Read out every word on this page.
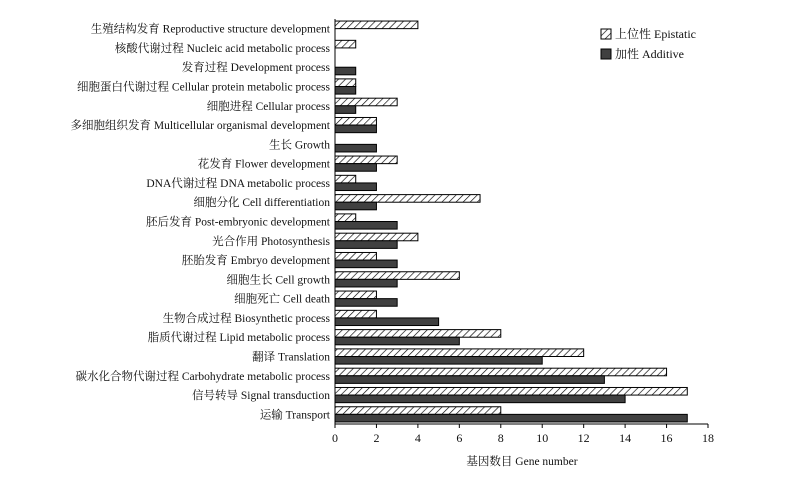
生殖结构发育 Reproductive structure development
核酸代谢过程 Nucleic acid metabolic process
发育过程 Development process
细胞蛋白代谢过程 Cellular protein metabolic process
细胞进程 Cellular process
多细胞组织发育 Multicellular organismal development
生长 Growth
花发育 Flower development
DNA代谢过程 DNA metabolic process
细胞分化 Cell differentiation
胚后发育 Post-embryonic development
光合作用 Photosynthesis
胚胎发育 Embryo development
细胞生长 Cell growth
细胞死亡 Cell death
生物合成过程 Biosynthetic process
脂质代谢过程 Lipid metabolic process
翻译 Translation
碳水化合物代谢过程 Carbohydrate metabolic process
信号转导 Signal transduction
运输 Transport
0	2	4	6	8	10 12 14 16 18
基因数目 Gene number
上位性 Epistatic
加性 Additive
